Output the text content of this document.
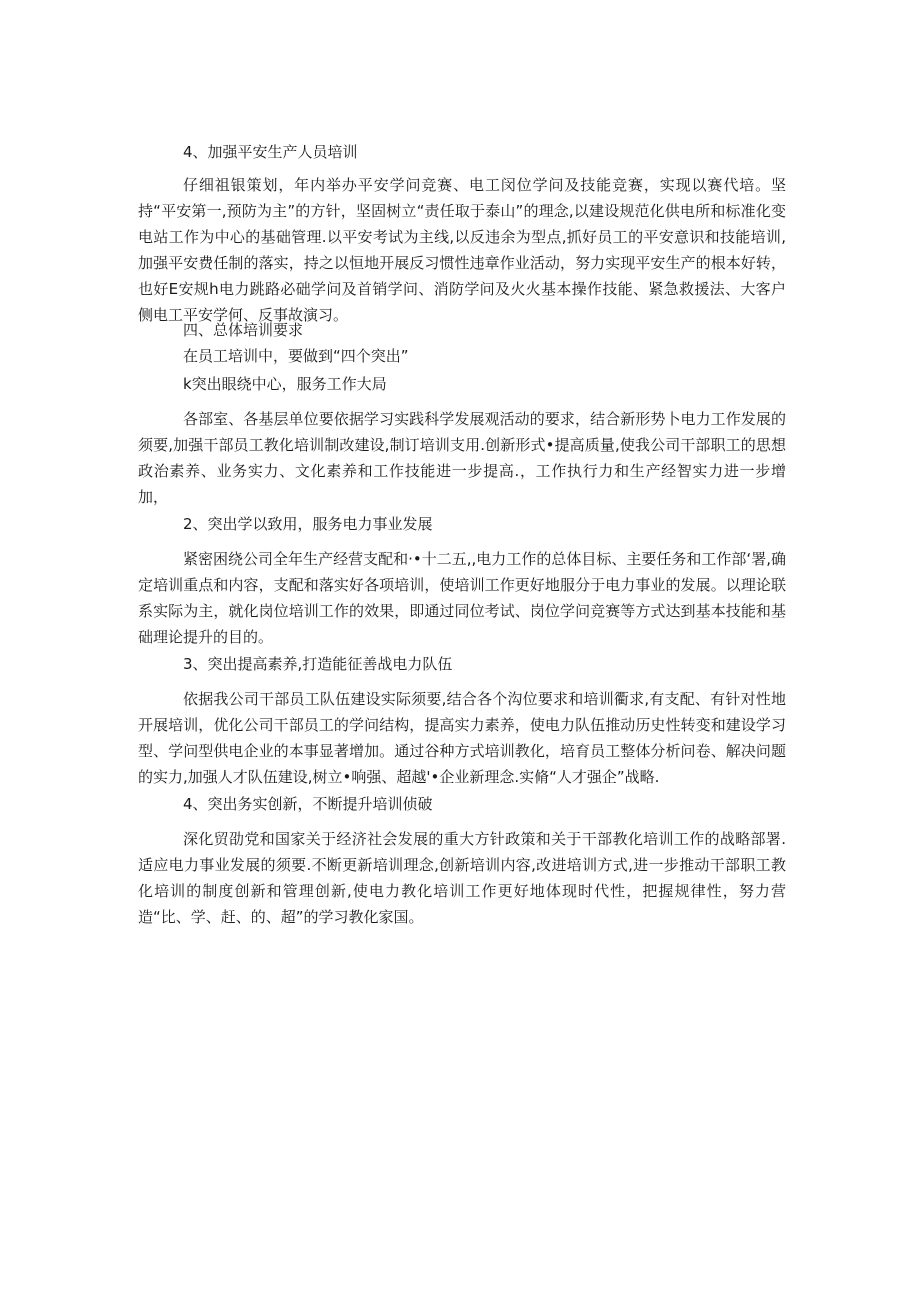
4、加强平安生产人员培训
仔细祖银策划，年内举办平安学问竞赛、电工闵位学问及技能竞赛，实现以赛代培。坚持“平安第一,预防为主”的方针，坚固树立“责任取于泰山”的理念,以建设规范化供电所和标准化变电站工作为中心的基础管理.以平安考试为主线,以反违余为型点,抓好员工的平安意识和技能培训,加强平安费任制的落实，持之以恒地开展反习惯性违章作业活动，努力实现平安生产的根本好转，也好E安规h电力跳路必础学问及首销学问、消防学问及火火基本操作技能、紧急救援法、大客户侧电工平安学何、反事故演习。
四、总体培训要求
在员工培训中，要做到“四个突出”
k突出眼绕中心，服务工作大局
各部室、各基层单位要依据学习实践科学发展观活动的要求，结合新形势卜电力工作发展的须要,加强干部员工教化培训制改建设,制订培训支用.创新形式•提高质量,使我公司干部职工的思想政治素养、业务实力、文化素养和工作技能进一步提高.，工作执行力和生产经智实力进一步增加，
2、突出学以致用，服务电力事业发展
紧密困绕公司全年生产经营支配和·•十二五,,电力工作的总体目标、主要任务和工作部‘署,确定培训重点和内容，支配和落实好各项培训，使培训工作更好地服分于电力事业的发展。以理论联系实际为主，就化岗位培训工作的效果，即通过同位考试、岗位学问竞赛等方式达到基本技能和基础理论提升的目的。
3、突出提高素养,打造能征善战电力队伍
依据我公司干部员工队伍建设实际须要,结合各个沟位要求和培训衢求,有支配、有针对性地开展培训，优化公司干部员工的学问结构，提高实力素养，使电力队伍推动历史性转变和建设学习型、学问型供电企业的本事显著增加。通过谷种方式培训教化，培育员工整体分析问卷、解决问题的实力,加强人才队伍建设,树立•响强、超越'•企业新理念.实脩“人才强企”战略.
4、突出务实创新，不断提升培训侦破
深化贸劭党和国家关于经济社会发展的重大方针政策和关于干部教化培训工作的战略部署.适应电力事业发展的须要.不断更新培训理念,创新培训内容,改进培训方式,进一步推动干部职工教化培训的制度创新和管理创新,使电力教化培训工作更好地体现时代性，把握规律性，努力营造“比、学、赶、的、超”的学习教化家国。
